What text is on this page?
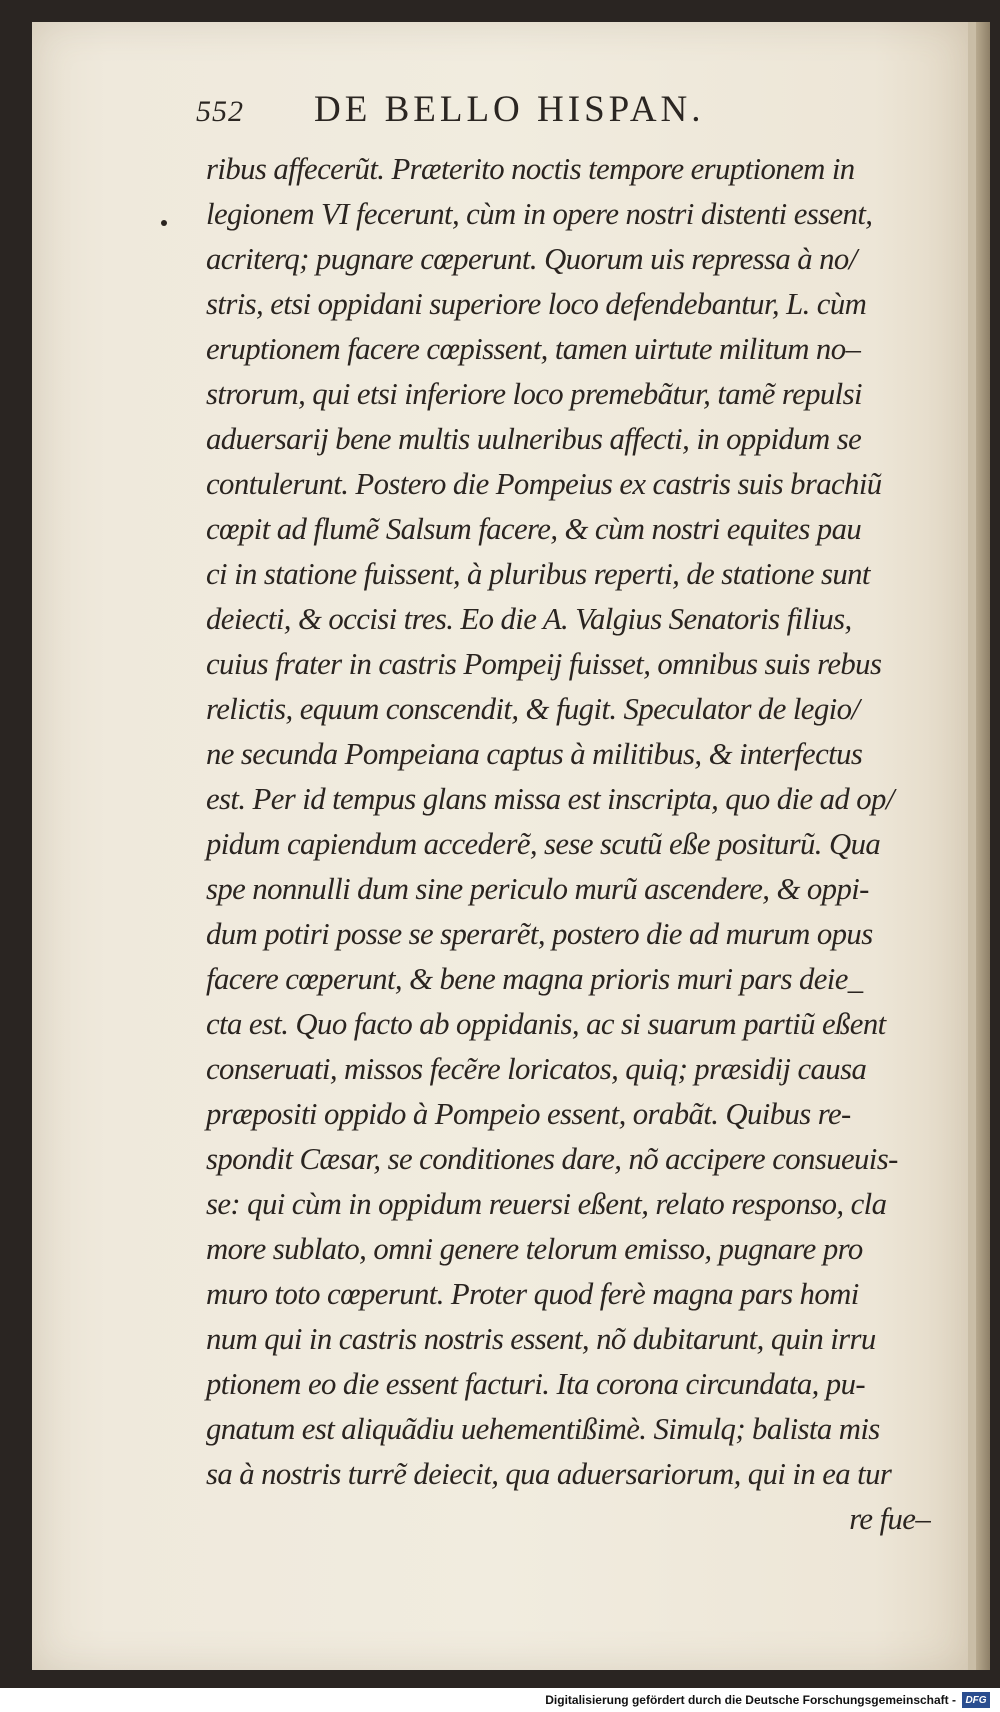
552	DE BELLO HISPAN.
ribus affecerũt. Præterito noctis tempore eruptionem in
legionem VI fecerunt, cùm in opere nostri distenti essent,
acriterq; pugnare cœperunt. Quorum uis repressa à no/
stris, etsi oppidani superiore loco defendebantur, L. cùm
eruptionem facere cœpissent, tamen uirtute militum no–
strorum, qui etsi inferiore loco premebãtur, tamẽ repulsi
aduersarij bene multis uulneribus affecti, in oppidum se
contulerunt. Postero die Pompeius ex castris suis brachiũ
cœpit ad flumẽ Salsum facere, & cùm nostri equites pau
ci in statione fuissent, à pluribus reperti, de statione sunt
deiecti, & occisi tres. Eo die A. Valgius Senatoris filius,
cuius frater in castris Pompeij fuisset, omnibus suis rebus
relictis, equum conscendit, & fugit. Speculator de legio/
ne secunda Pompeiana captus à militibus, & interfectus
est. Per id tempus glans missa est inscripta, quo die ad op/
pidum capiendum accederẽ, sese scutũ eße positurũ. Qua
spe nonnulli dum sine periculo murũ ascendere, & oppi-
dum potiri posse se sperarẽt, postero die ad murum opus
facere cœperunt, & bene magna prioris muri pars deie_
cta est. Quo facto ab oppidanis, ac si suarum partiũ eßent
conseruati, missos fecẽre loricatos, quiq; præsidij causa
præpositi oppido à Pompeio essent, orabãt. Quibus re-
spondit Cæsar, se conditiones dare, nõ accipere consueuis-
se: qui cùm in oppidum reuersi eßent, relato responso, cla
more sublato, omni genere telorum emisso, pugnare pro
muro toto cœperunt. Proter quod ferè magna pars homi
num qui in castris nostris essent, nõ dubitarunt, quin irru
ptionem eo die essent facturi. Ita corona circundata, pu-
gnatum est aliquãdiu uehementißimè. Simulq; balista mis
sa à nostris turrẽ deiecit, qua aduersariorum, qui in ea tur
re fue–
Digitalisierung gefördert durch die Deutsche Forschungsgemeinschaft - DFG
